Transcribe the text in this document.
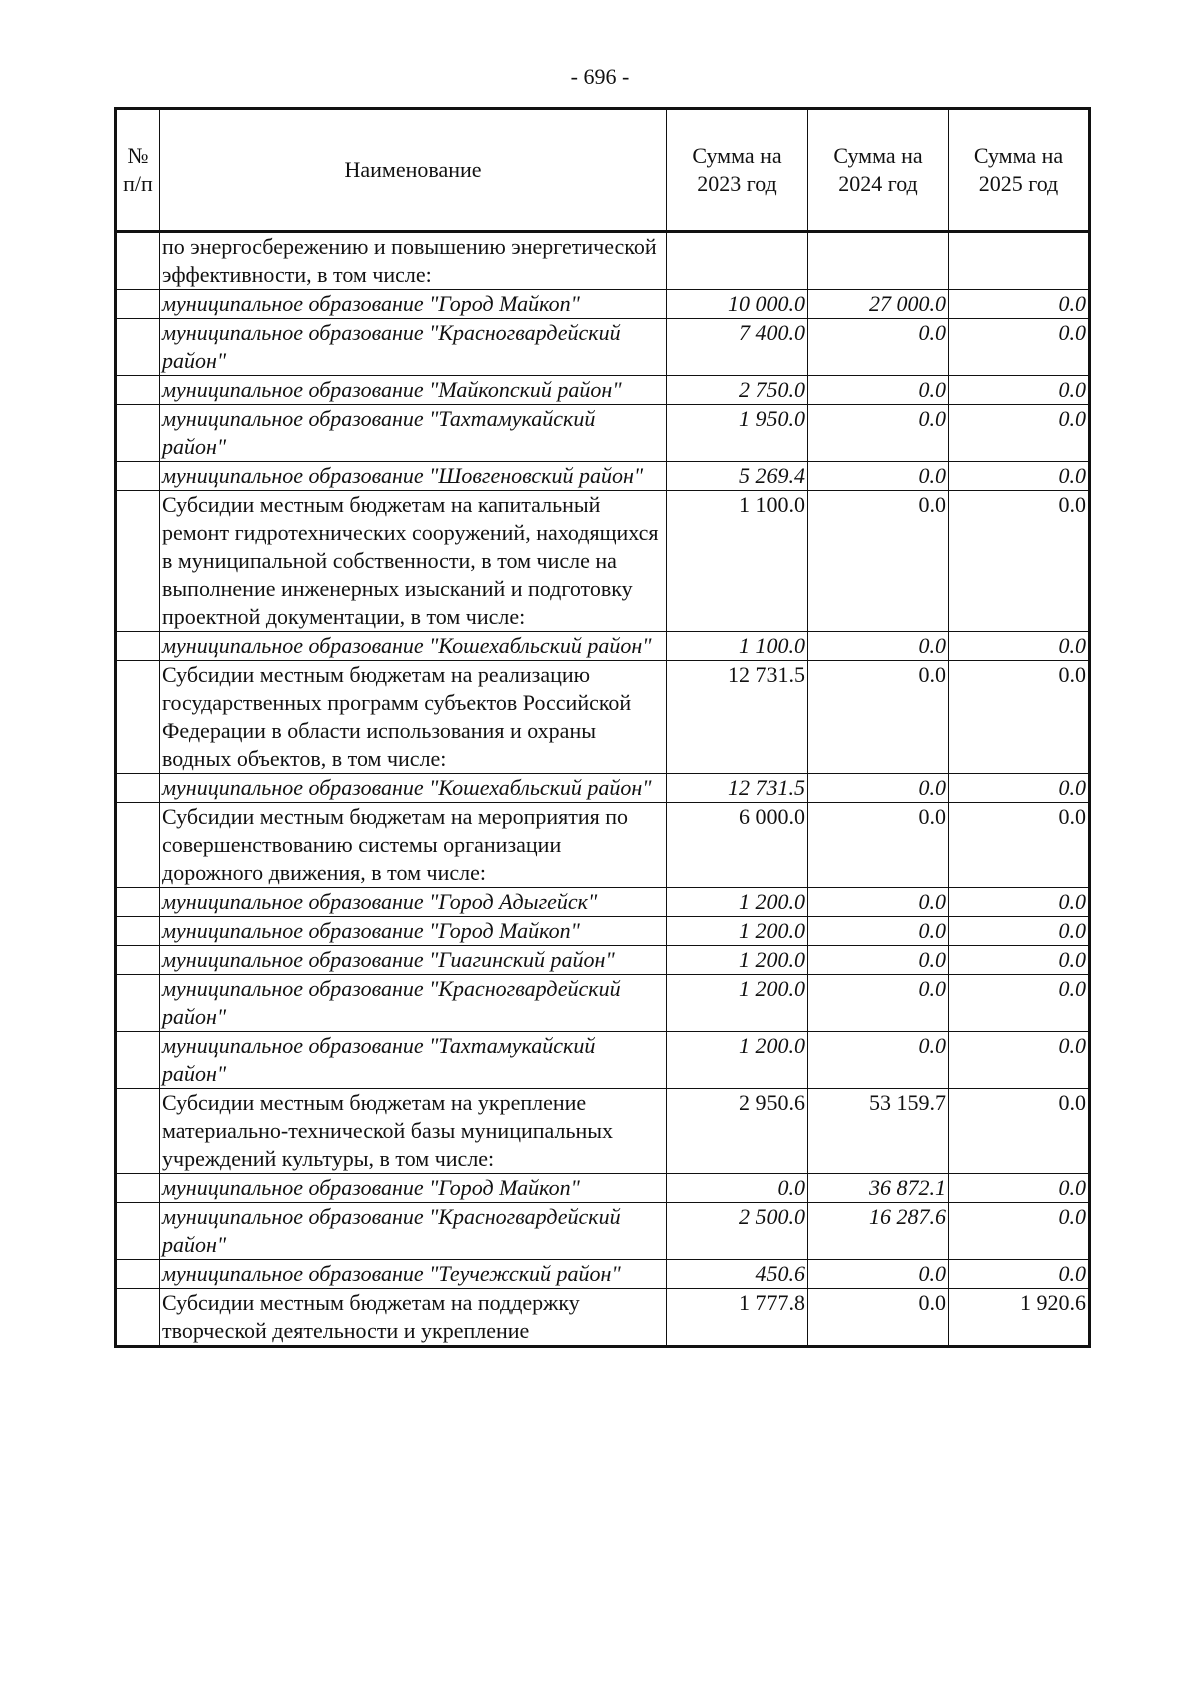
- 696 -
№ п/п	Наименование	Сумма на 2023 год	Сумма на 2024 год	Сумма на 2025 год
	по энергосбережению и повышению энергетической эффективности, в том числе:			
	муниципальное образование "Город Майкоп"	10 000.0	27 000.0	0.0
	муниципальное образование "Красногвардейский район"	7 400.0	0.0	0.0
	муниципальное образование "Майкопский район"	2 750.0	0.0	0.0
	муниципальное образование "Тахтамукайский район"	1 950.0	0.0	0.0
	муниципальное образование "Шовгеновский район"	5 269.4	0.0	0.0
	Субсидии местным бюджетам на капитальный ремонт гидротехнических сооружений, находящихся в муниципальной собственности, в том числе на выполнение инженерных изысканий и подготовку проектной документации, в том числе:	1 100.0	0.0	0.0
	муниципальное образование "Кошехабльский район"	1 100.0	0.0	0.0
	Субсидии местным бюджетам на реализацию государственных программ субъектов Российской Федерации в области использования и охраны водных объектов, в том числе:	12 731.5	0.0	0.0
	муниципальное образование "Кошехабльский район"	12 731.5	0.0	0.0
	Субсидии местным бюджетам на мероприятия по совершенствованию системы организации дорожного движения, в том числе:	6 000.0	0.0	0.0
	муниципальное образование "Город Адыгейск"	1 200.0	0.0	0.0
	муниципальное образование "Город Майкоп"	1 200.0	0.0	0.0
	муниципальное образование "Гиагинский район"	1 200.0	0.0	0.0
	муниципальное образование "Красногвардейский район"	1 200.0	0.0	0.0
	муниципальное образование "Тахтамукайский район"	1 200.0	0.0	0.0
	Субсидии местным бюджетам на укрепление материально-технической базы муниципальных учреждений культуры, в том числе:	2 950.6	53 159.7	0.0
	муниципальное образование "Город Майкоп"	0.0	36 872.1	0.0
	муниципальное образование "Красногвардейский район"	2 500.0	16 287.6	0.0
	муниципальное образование "Теучежский район"	450.6	0.0	0.0
	Субсидии местным бюджетам на поддержку творческой деятельности и укрепление	1 777.8	0.0	1 920.6
